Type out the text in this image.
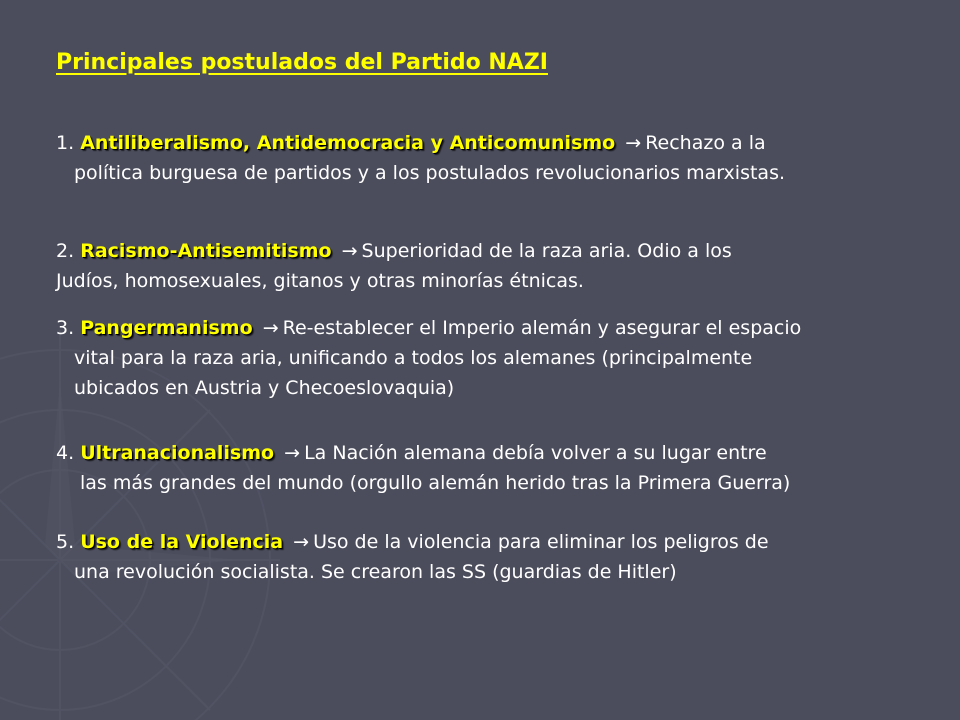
Principales postulados del Partido NAZI
1. Antiliberalismo, Antidemocracia y Anticomunismo → Rechazo a la
política burguesa de partidos y a los postulados revolucionarios marxistas.
2. Racismo-Antisemitismo → Superioridad de la raza aria. Odio a los
Judíos, homosexuales, gitanos y otras minorías étnicas.
3. Pangermanismo → Re-establecer el Imperio alemán y asegurar el espacio
vital para la raza aria, unificando a todos los alemanes (principalmente
ubicados en Austria y Checoeslovaquia)
4. Ultranacionalismo → La Nación alemana debía volver a su lugar entre
las más grandes del mundo (orgullo alemán herido tras la Primera Guerra)
5. Uso de la Violencia → Uso de la violencia para eliminar los peligros de
una revolución socialista. Se crearon las SS (guardias de Hitler)
